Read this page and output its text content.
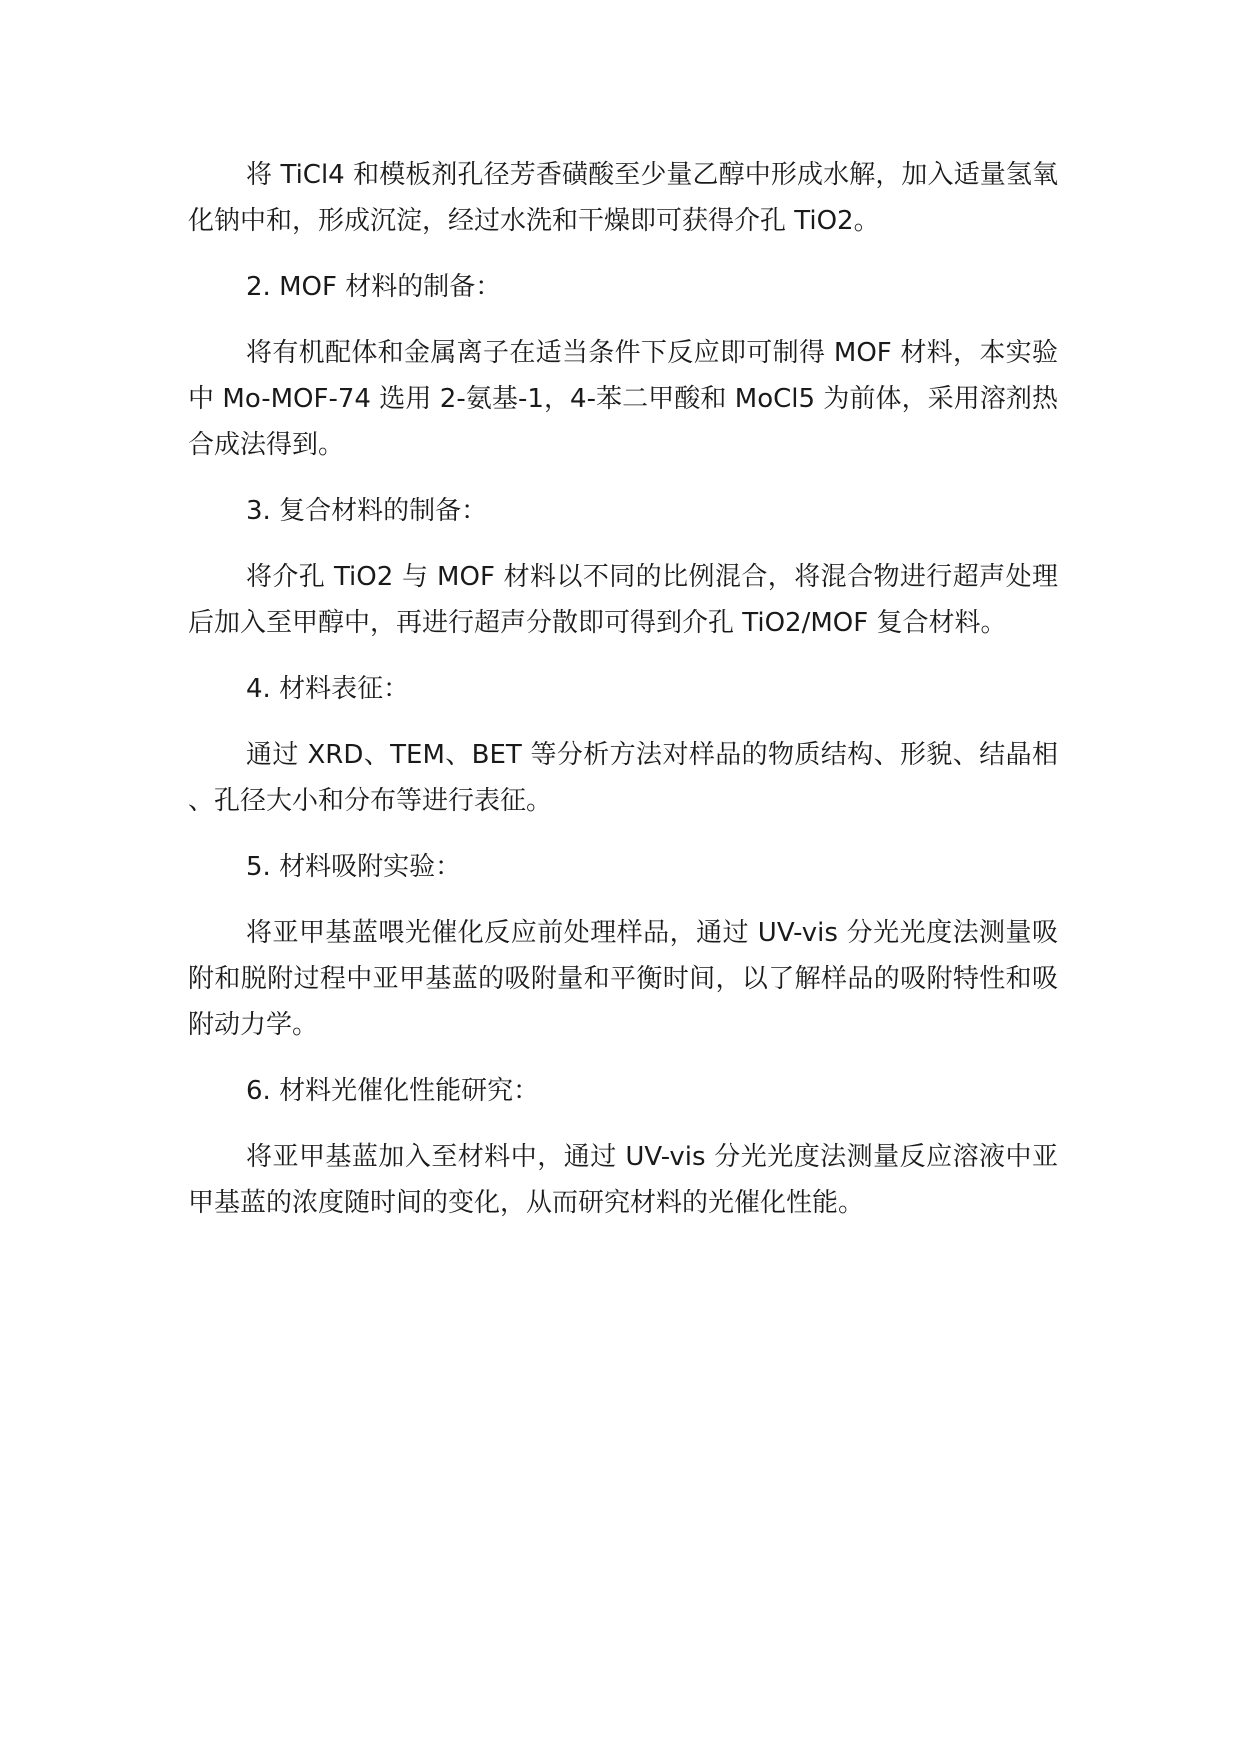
将 TiCl4 和模板剂孔径芳香磺酸至少量乙醇中形成水解，加入适量氢氧化钠中和，形成沉淀，经过水洗和干燥即可获得介孔 TiO2。

2. MOF 材料的制备：

将有机配体和金属离子在适当条件下反应即可制得 MOF 材料，本实验中 Mo-MOF-74 选用 2-氨基-1，4-苯二甲酸和 MoCl5 为前体，采用溶剂热合成法得到。

3. 复合材料的制备：

将介孔 TiO2 与 MOF 材料以不同的比例混合，将混合物进行超声处理后加入至甲醇中，再进行超声分散即可得到介孔 TiO2/MOF 复合材料。

4. 材料表征：

通过 XRD、TEM、BET 等分析方法对样品的物质结构、形貌、结晶相、孔径大小和分布等进行表征。

5. 材料吸附实验：

将亚甲基蓝喂光催化反应前处理样品，通过 UV-vis 分光光度法测量吸附和脱附过程中亚甲基蓝的吸附量和平衡时间，以了解样品的吸附特性和吸附动力学。

6. 材料光催化性能研究：

将亚甲基蓝加入至材料中，通过 UV-vis 分光光度法测量反应溶液中亚甲基蓝的浓度随时间的变化，从而研究材料的光催化性能。
